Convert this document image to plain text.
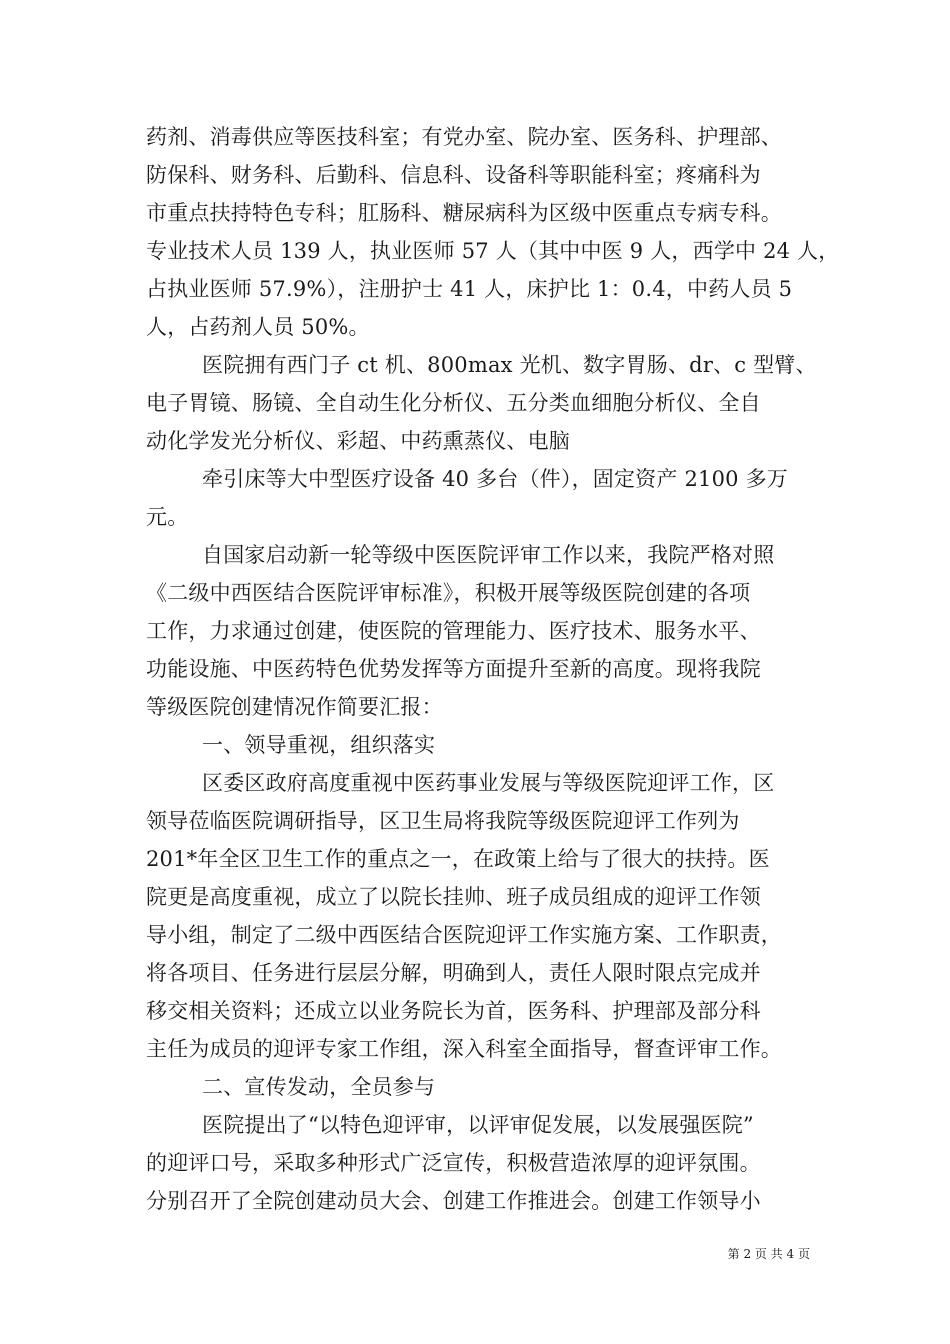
药剂、消毒供应等医技科室；有党办室、院办室、医务科、护理部、
防保科、财务科、后勤科、信息科、设备科等职能科室；疼痛科为
市重点扶持特色专科；肛肠科、糖尿病科为区级中医重点专病专科。
专业技术人员 139 人，执业医师 57 人（其中中医 9 人，西学中 24 人，
占执业医师 57.9%），注册护士 41 人，床护比 1：0.4，中药人员 5
人，占药剂人员 50%。
医院拥有西门子 ct 机、800max 光机、数字胃肠、dr、c 型臂、
电子胃镜、肠镜、全自动生化分析仪、五分类血细胞分析仪、全自
动化学发光分析仪、彩超、中药熏蒸仪、电脑
牵引床等大中型医疗设备 40 多台（件），固定资产 2100 多万
元。
自国家启动新一轮等级中医医院评审工作以来，我院严格对照
《二级中西医结合医院评审标准》，积极开展等级医院创建的各项
工作，力求通过创建，使医院的管理能力、医疗技术、服务水平、
功能设施、中医药特色优势发挥等方面提升至新的高度。现将我院
等级医院创建情况作简要汇报：
一、领导重视，组织落实
区委区政府高度重视中医药事业发展与等级医院迎评工作，区
领导莅临医院调研指导，区卫生局将我院等级医院迎评工作列为
201*年全区卫生工作的重点之一，在政策上给与了很大的扶持。医
院更是高度重视，成立了以院长挂帅、班子成员组成的迎评工作领
导小组，制定了二级中西医结合医院迎评工作实施方案、工作职责，
将各项目、任务进行层层分解，明确到人，责任人限时限点完成并
移交相关资料；还成立以业务院长为首，医务科、护理部及部分科
主任为成员的迎评专家工作组，深入科室全面指导，督查评审工作。
二、宣传发动，全员参与
医院提出了“以特色迎评审，以评审促发展，以发展强医院”
的迎评口号，采取多种形式广泛宣传，积极营造浓厚的迎评氛围。
分别召开了全院创建动员大会、创建工作推进会。创建工作领导小
第 2 页 共 4 页
